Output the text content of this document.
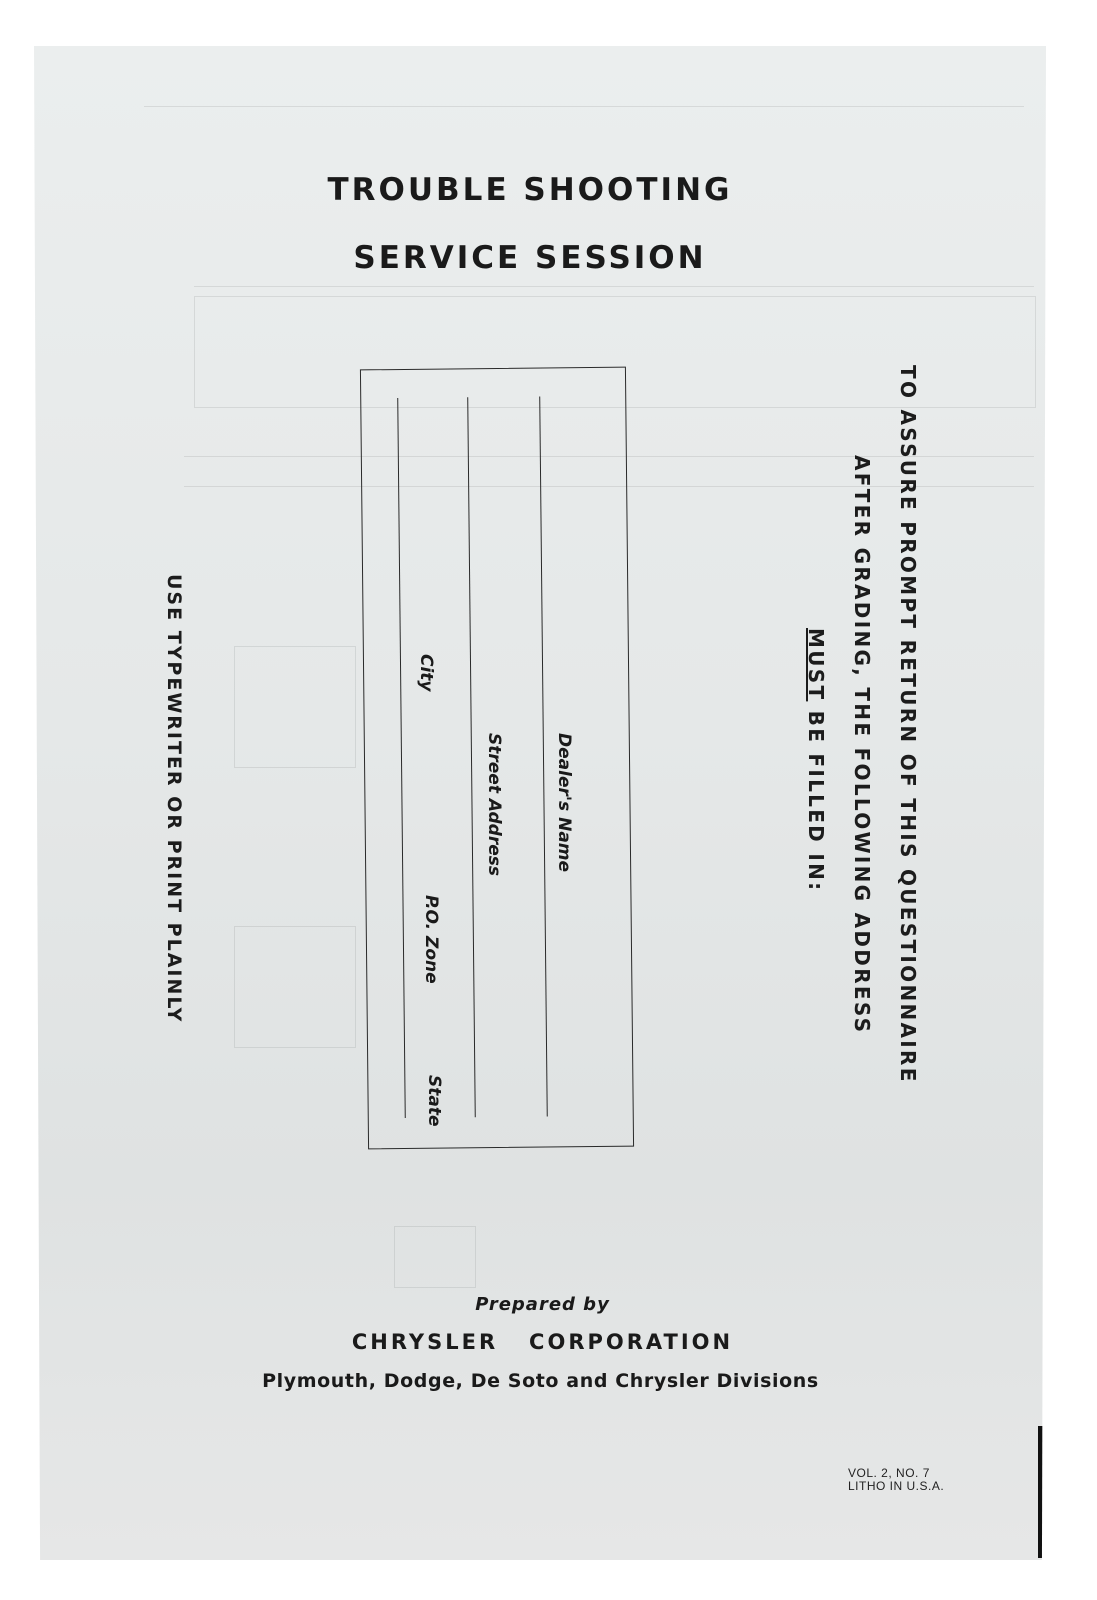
TROUBLE SHOOTING
SERVICE SESSION
TO ASSURE PROMPT RETURN OF THIS QUESTIONNAIRE
AFTER GRADING, THE FOLLOWING ADDRESS
MUST BE FILLED IN:
Dealer's Name
Street Address
City
P.O. Zone
State
USE TYPEWRITER OR PRINT PLAINLY
Prepared by
CHRYSLER   CORPORATION
Plymouth, Dodge, De Soto and Chrysler Divisions
VOL. 2, NO. 7
LITHO IN U.S.A.
